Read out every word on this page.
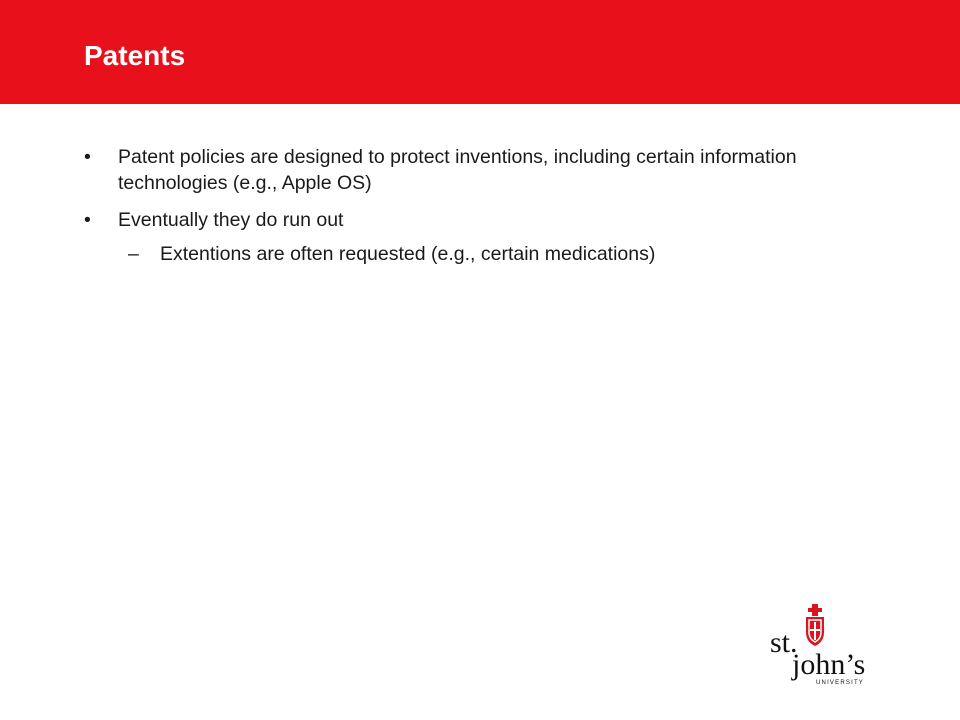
Patents
• Patent policies are designed to protect inventions, including certain information technologies (e.g., Apple OS)
• Eventually they do run out
– Extentions are often requested (e.g., certain medications)
st.
john’s
UNIVERSITY
